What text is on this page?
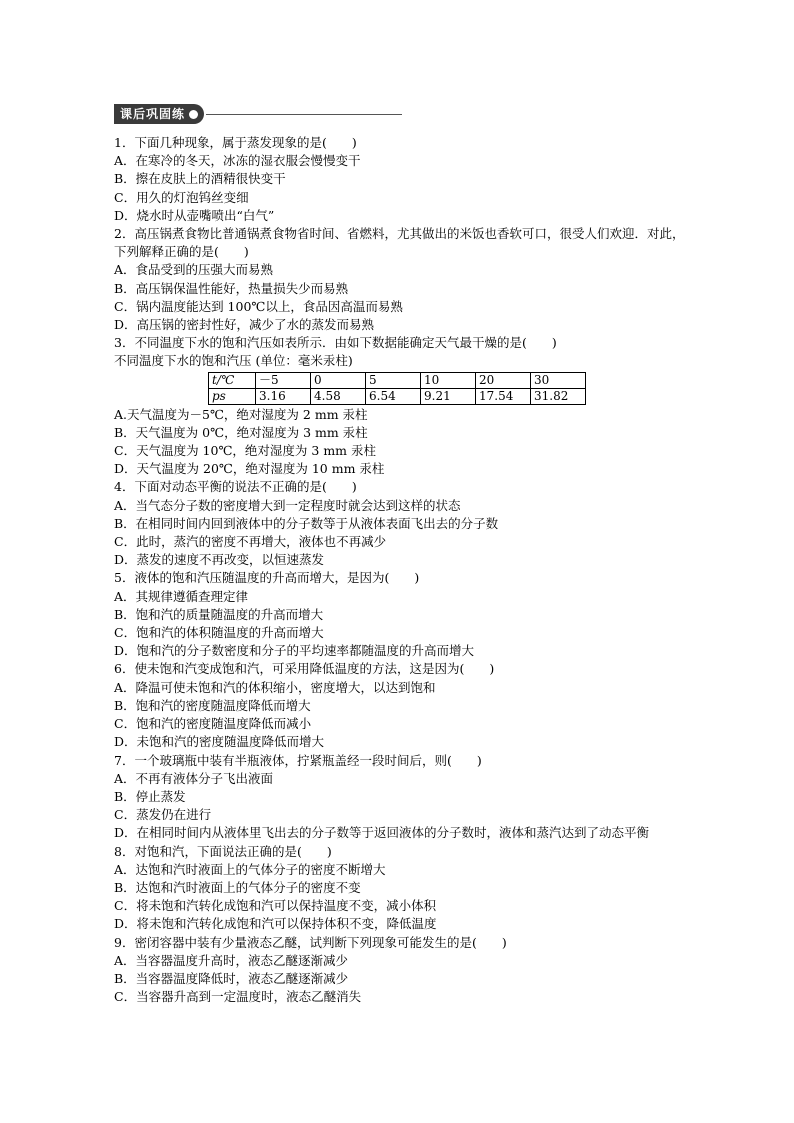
课后巩固练
1．下面几种现象，属于蒸发现象的是(　　)
A．在寒冷的冬天，冰冻的湿衣服会慢慢变干
B．擦在皮肤上的酒精很快变干
C．用久的灯泡钨丝变细
D．烧水时从壶嘴喷出“白气”
2．高压锅煮食物比普通锅煮食物省时间、省燃料，尤其做出的米饭也香软可口，很受人们欢迎．对此，下列解释正确的是(　　)
A．食品受到的压强大而易熟
B．高压锅保温性能好，热量损失少而易熟
C．锅内温度能达到 100℃以上，食品因高温而易熟
D．高压锅的密封性好，减少了水的蒸发而易熟
3．不同温度下水的饱和汽压如表所示．由如下数据能确定天气最干燥的是(　　)
不同温度下水的饱和汽压 (单位：毫米汞柱)
t/℃	－5	0	5	10	20	30
ps	3.16	4.58	6.54	9.21	17.54	31.82
A.天气温度为－5℃，绝对湿度为 2 mm 汞柱
B．天气温度为 0℃，绝对湿度为 3 mm 汞柱
C．天气温度为 10℃，绝对湿度为 3 mm 汞柱
D．天气温度为 20℃，绝对湿度为 10 mm 汞柱
4．下面对动态平衡的说法不正确的是(　　)
A．当气态分子数的密度增大到一定程度时就会达到这样的状态
B．在相同时间内回到液体中的分子数等于从液体表面飞出去的分子数
C．此时，蒸汽的密度不再增大，液体也不再减少
D．蒸发的速度不再改变，以恒速蒸发
5．液体的饱和汽压随温度的升高而增大，是因为(　　)
A．其规律遵循查理定律
B．饱和汽的质量随温度的升高而增大
C．饱和汽的体积随温度的升高而增大
D．饱和汽的分子数密度和分子的平均速率都随温度的升高而增大
6．使未饱和汽变成饱和汽，可采用降低温度的方法，这是因为(　　)
A．降温可使未饱和汽的体积缩小，密度增大，以达到饱和
B．饱和汽的密度随温度降低而增大
C．饱和汽的密度随温度降低而减小
D．未饱和汽的密度随温度降低而增大
7．一个玻璃瓶中装有半瓶液体，拧紧瓶盖经一段时间后，则(　　)
A．不再有液体分子飞出液面
B．停止蒸发
C．蒸发仍在进行
D．在相同时间内从液体里飞出去的分子数等于返回液体的分子数时，液体和蒸汽达到了动态平衡
8．对饱和汽，下面说法正确的是(　　)
A．达饱和汽时液面上的气体分子的密度不断增大
B．达饱和汽时液面上的气体分子的密度不变
C．将未饱和汽转化成饱和汽可以保持温度不变，减小体积
D．将未饱和汽转化成饱和汽可以保持体积不变，降低温度
9．密闭容器中装有少量液态乙醚，试判断下列现象可能发生的是(　　)
A．当容器温度升高时，液态乙醚逐渐减少
B．当容器温度降低时，液态乙醚逐渐减少
C．当容器升高到一定温度时，液态乙醚消失
